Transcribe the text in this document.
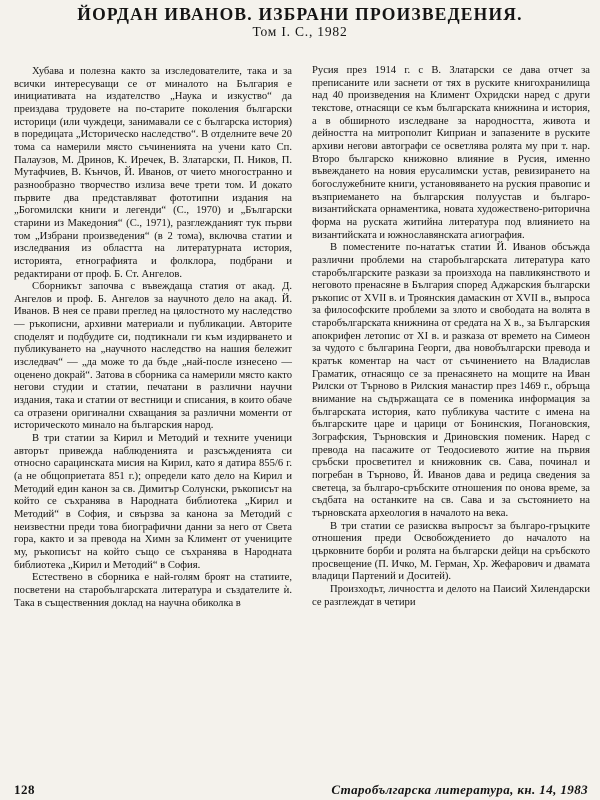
ЙОРДАН ИВАНОВ. ИЗБРАНИ ПРОИЗВЕДЕНИЯ.
Том I. С., 1982

Хубава и полезна както за изследователите, така и за всички интересуващи се от миналото на България е инициативата на издателство „Наука и изкуство“ да преиздава трудовете на по-старите поколения български историци (или чуждеци, занимавали се с българска история) в поредицата „Историческо наследство“. В отделните вече 20 тома са намерили място съчиненията на учени като Сп. Палаузов, М. Дринов, К. Иречек, В. Златарски, П. Ников, П. Мутафчиев, В. Кънчов, Й. Иванов, от чието многостранно и разнообразно творчество излиза вече трети том. И докато първите два представляват фототипни издания на „Богомилски книги и легенди“ (С., 1970) и „Български старини из Македония“ (С., 1971), разглежданият тук първи том „Избрани произведения“ (в 2 тома), включва статии и изследвания из областта на литературната история, историята, етнографията и фолклора, подбрани и редактирани от проф. Б. Ст. Ангелов.

Сборникът започва с въвеждаща статия от акад. Д. Ангелов и проф. Б. Ангелов за научното дело на акад. Й. Иванов. В нея се прави преглед на цялостното му наследство — ръкописни, архивни материали и публикации. Авторите споделят и подбудите си, подтикнали ги към издирването и публикуването на „научното наследство на нашия бележит изследвач“ — „да може то да бъде „най-после изнесено — оценено докрай“. Затова в сборника са намерили място както негови студии и статии, печатани в различни научни издания, така и статии от вестници и списания, в които обаче са отразени оригинални схващания за различни моменти от историческото минало на българския народ.

В три статии за Кирил и Методий и техните ученици авторът привежда наблюденията и разсъжденията си относно сарацинската мисия на Кирил, като я датира 855/6 г. (а не общоприетата 851 г.); определи като дело на Кирил и Методий един канон за св. Димитър Солунски, ръкописът на който се съхранява в Народната библиотека „Кирил и Методий“ в София, и свързва за канона за Методий с неизвестни преди това биографични данни за него от Света гора, както и за превода на Химн за Климент от учениците му, ръкописът на който също се съхранява в Народната библиотека „Кирил и Методий“ в София.

Естествено в сборника е най-голям броят на статиите, посветени на старобългарската литература и създателите ѝ. Така в същественния доклад на научна обиколка в

Русия през 1914 г. с В. Златарски се дава отчет за преписаните или заснети от тях в руските книгохранилища над 40 произведения на Климент Охридски наред с други текстове, отнасящи се към българската книжнина и история, а в обширното изследване за народността, живота и дейността на митрополит Киприан и запазените в руските архиви негови автографи се осветлява ролята му при т. нар. Второ българско книжовно влияние в Русия, именно въвеждането на новия ерусалимски устав, ревизирането на богослужебните книги, установяването на руския правопис и възприемането на българския полуустав и българо-византийската орнаментика, новата художествено-риторична форма на руската житийна литература под влиянието на византийската и южнославянската агиография.

В поместените по-нататък статии Й. Иванов обсъжда различни проблеми на старобългарската литература като старобългарските разкази за произхода на павликянството и неговото пренасяне в България според Аджарския български ръкопис от XVII в. и Троянския дамаскин от XVII в., въпроса за философските проблеми за злото и свободата на волята в старобългарската книжнина от средата на X в., за Българския апокрифен летопис от XI в. и разказа от времето на Симеон за чудото с българина Георги, два новобългарски превода и кратък коментар на част от съчинението на Владислав Граматик, отнасящо се за пренасянето на мощите на Иван Рилски от Търново в Рилския манастир през 1469 г., обръща внимание на съдържащата се в поменика информация за българската история, като публикува частите с имена на българските царе и царици от Бонинския, Погановския, Зографския, Търновския и Дриновския поменик. Наред с превода на пасажите от Теодосиевото житие на първия сръбски просветител и книжовник св. Сава, починал и погребан в Търново, Й. Иванов дава и редица сведения за светеца, за българо-сръбските отношения по онова време, за съдбата на останките на св. Сава и за състоянието на търновската археология в началото на века.

В три статии се разисква въпросът за българо-гръцките отношения преди Освобождението до началото на църковните борби и ролята на български дейци на сръбското просвещение (П. Ичко, М. Герман, Хр. Жефарович и двамата владици Партений и Доситей).

Произходът, личността и делото на Паисий Хилендарски се разглеждат в четири

128	Старобългарска литература, кн. 14, 1983
